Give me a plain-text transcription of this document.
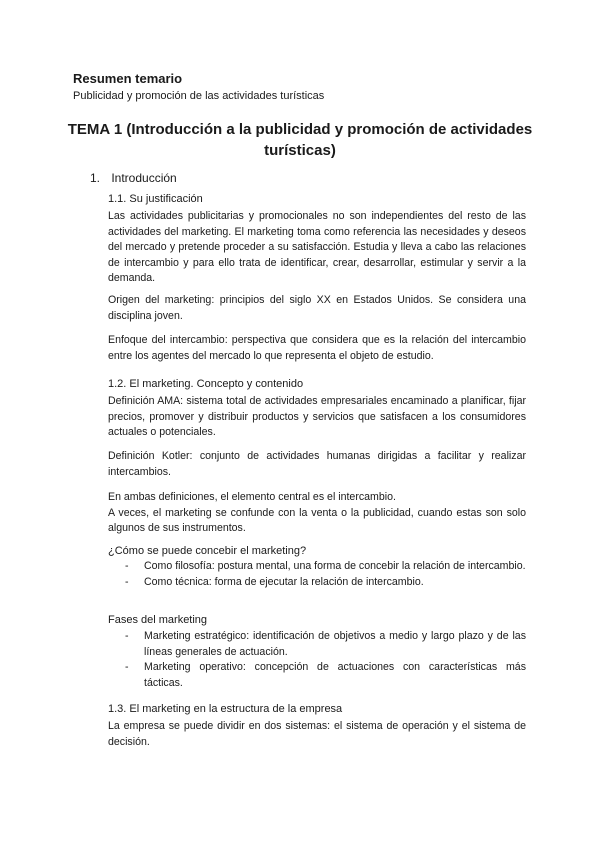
Resumen temario
Publicidad y promoción de las actividades turísticas
TEMA 1 (Introducción a la publicidad y promoción de actividades turísticas)
1. Introducción
1.1. Su justificación
Las actividades publicitarias y promocionales no son independientes del resto de las actividades del marketing. El marketing toma como referencia las necesidades y deseos del mercado y pretende proceder a su satisfacción. Estudia y lleva a cabo las relaciones de intercambio y para ello trata de identificar, crear, desarrollar, estimular y servir a la demanda.
Origen del marketing: principios del siglo XX en Estados Unidos. Se considera una disciplina joven.
Enfoque del intercambio: perspectiva que considera que es la relación del intercambio entre los agentes del mercado lo que representa el objeto de estudio.
1.2. El marketing. Concepto y contenido
Definición AMA: sistema total de actividades empresariales encaminado a planificar, fijar precios, promover y distribuir productos y servicios que satisfacen a los consumidores actuales o potenciales.
Definición Kotler: conjunto de actividades humanas dirigidas a facilitar y realizar intercambios.
En ambas definiciones, el elemento central es el intercambio.
A veces, el marketing se confunde con la venta o la publicidad, cuando estas son solo algunos de sus instrumentos.
¿Cómo se puede concebir el marketing?
- Como filosofía: postura mental, una forma de concebir la relación de intercambio.
- Como técnica: forma de ejecutar la relación de intercambio.
Fases del marketing
- Marketing estratégico: identificación de objetivos a medio y largo plazo y de las líneas generales de actuación.
- Marketing operativo: concepción de actuaciones con características más tácticas.
1.3. El marketing en la estructura de la empresa
La empresa se puede dividir en dos sistemas: el sistema de operación y el sistema de decisión.
